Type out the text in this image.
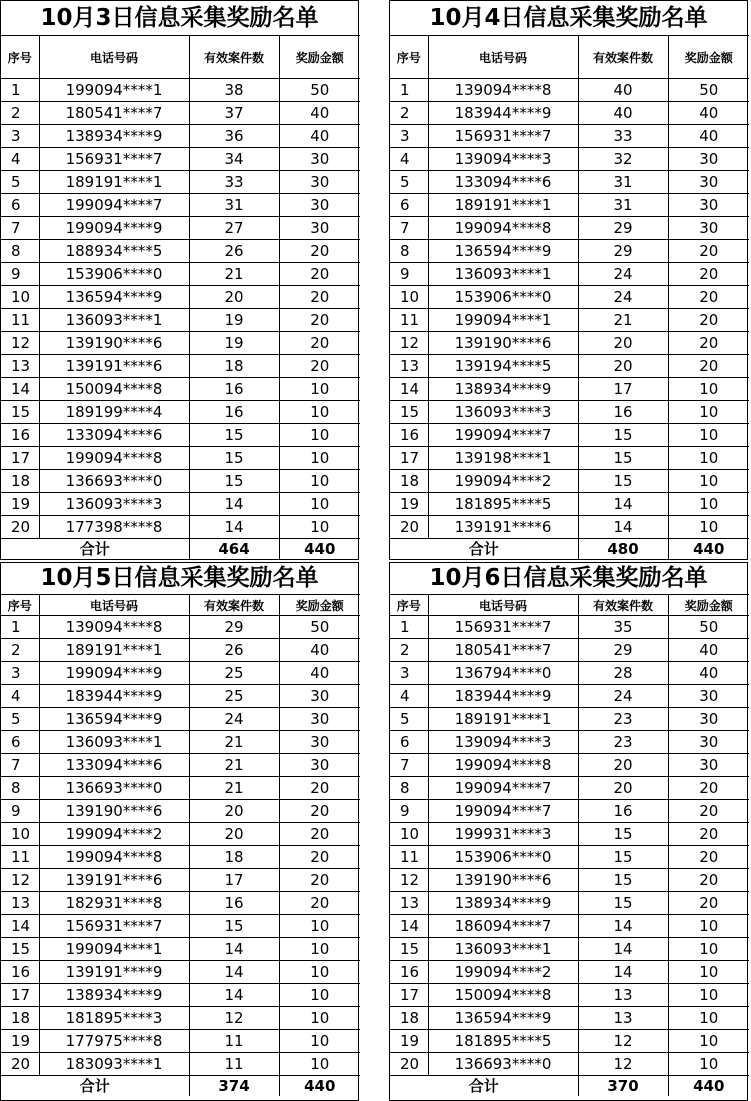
10月3日信息采集奖励名单
序号	电话号码	有效案件数	奖励金额
1	199094****1	38	50
2	180541****7	37	40
3	138934****9	36	40
4	156931****7	34	30
5	189191****1	33	30
6	199094****7	31	30
7	199094****9	27	30
8	188934****5	26	20
9	153906****0	21	20
10	136594****9	20	20
11	136093****1	19	20
12	139190****6	19	20
13	139191****6	18	20
14	150094****8	16	10
15	189199****4	16	10
16	133094****6	15	10
17	199094****8	15	10
18	136693****0	15	10
19	136093****3	14	10
20	177398****8	14	10
合计		464	440
10月4日信息采集奖励名单
序号	电话号码	有效案件数	奖励金额
1	139094****8	40	50
2	183944****9	40	40
3	156931****7	33	40
4	139094****3	32	30
5	133094****6	31	30
6	189191****1	31	30
7	199094****8	29	30
8	136594****9	29	20
9	136093****1	24	20
10	153906****0	24	20
11	199094****1	21	20
12	139190****6	20	20
13	139194****5	20	20
14	138934****9	17	10
15	136093****3	16	10
16	199094****7	15	10
17	139198****1	15	10
18	199094****2	15	10
19	181895****5	14	10
20	139191****6	14	10
合计		480	440
10月5日信息采集奖励名单
序号	电话号码	有效案件数	奖励金额
1	139094****8	29	50
2	189191****1	26	40
3	199094****9	25	40
4	183944****9	25	30
5	136594****9	24	30
6	136093****1	21	30
7	133094****6	21	30
8	136693****0	21	20
9	139190****6	20	20
10	199094****2	20	20
11	199094****8	18	20
12	139191****6	17	20
13	182931****8	16	20
14	156931****7	15	10
15	199094****1	14	10
16	139191****9	14	10
17	138934****9	14	10
18	181895****3	12	10
19	177975****8	11	10
20	183093****1	11	10
合计		374	440
10月6日信息采集奖励名单
序号	电话号码	有效案件数	奖励金额
1	156931****7	35	50
2	180541****7	29	40
3	136794****0	28	40
4	183944****9	24	30
5	189191****1	23	30
6	139094****3	23	30
7	199094****8	20	30
8	199094****7	20	20
9	199094****7	16	20
10	199931****3	15	20
11	153906****0	15	20
12	139190****6	15	20
13	138934****9	15	20
14	186094****7	14	10
15	136093****1	14	10
16	199094****2	14	10
17	150094****8	13	10
18	136594****9	13	10
19	181895****5	12	10
20	136693****0	12	10
合计		370	440
